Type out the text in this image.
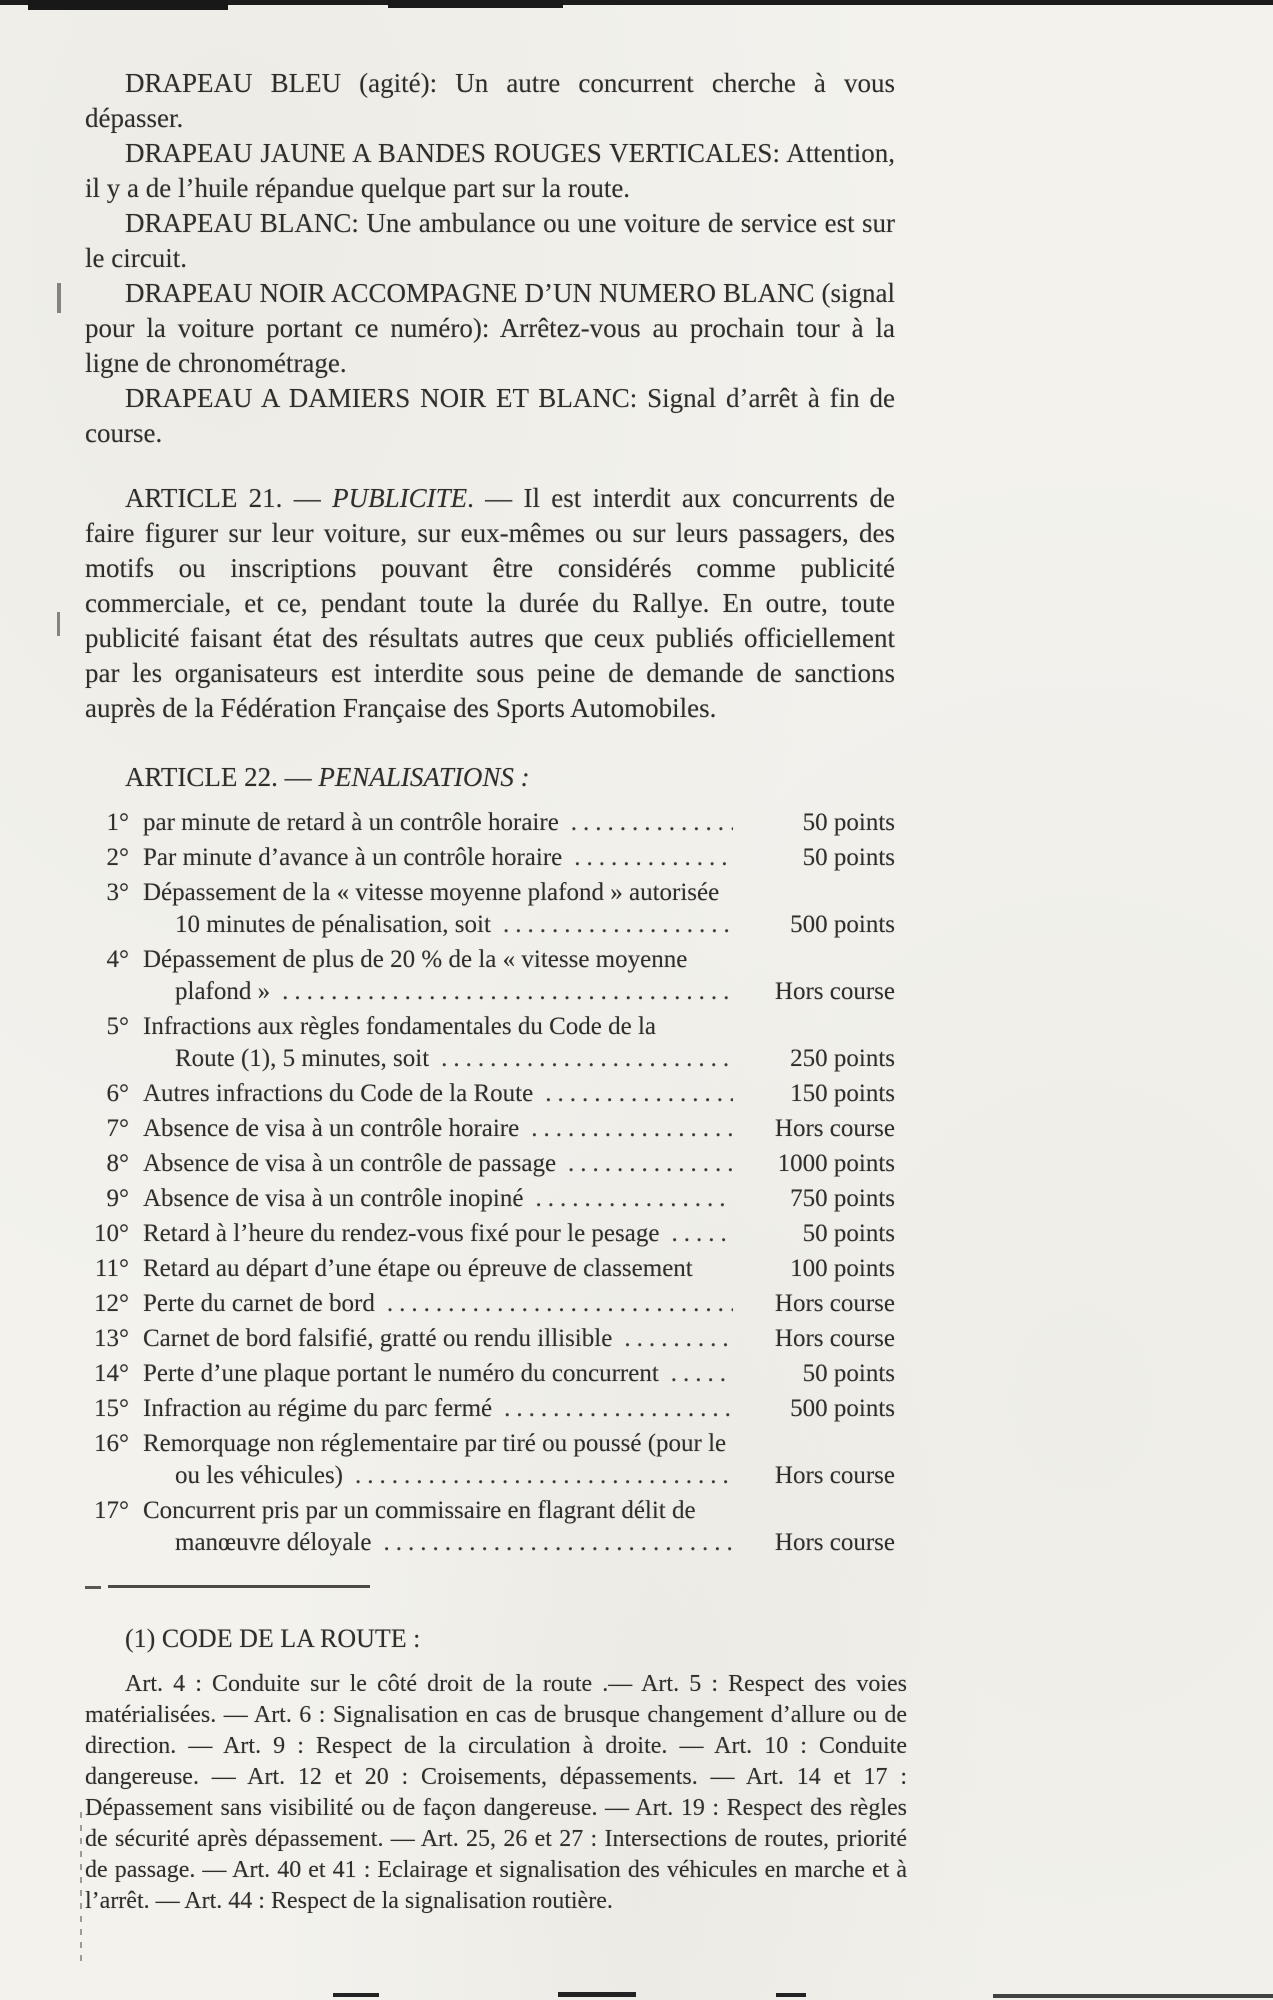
DRAPEAU BLEU (agité): Un autre concurrent cherche à vous dépasser.

DRAPEAU JAUNE A BANDES ROUGES VERTICALES: Attention, il y a de l’huile répandue quelque part sur la route.

DRAPEAU BLANC: Une ambulance ou une voiture de service est sur le circuit.

DRAPEAU NOIR ACCOMPAGNE D’UN NUMERO BLANC (signal pour la voiture portant ce numéro): Arrêtez-vous au prochain tour à la ligne de chronométrage.

DRAPEAU A DAMIERS NOIR ET BLANC: Signal d’arrêt à fin de course.

ARTICLE 21. — PUBLICITE. — Il est interdit aux concurrents de faire figurer sur leur voiture, sur eux-mêmes ou sur leurs passagers, des motifs ou inscriptions pouvant être considérés comme publicité commerciale, et ce, pendant toute la durée du Rallye. En outre, toute publicité faisant état des résultats autres que ceux publiés officiellement par les organisateurs est interdite sous peine de demande de sanctions auprès de la Fédération Française des Sports Automobiles.

ARTICLE 22. — PENALISATIONS :

1° par minute de retard à un contrôle horaire .....	50 points
2° Par minute d’avance à un contrôle horaire .....	50 points
3° Dépassement de la « vitesse moyenne plafond » autorisée
10 minutes de pénalisation, soit .....	500 points
4° Dépassement de plus de 20 % de la « vitesse moyenne
plafond » .....	Hors course
5° Infractions aux règles fondamentales du Code de la
Route (1), 5 minutes, soit .....	250 points
6° Autres infractions du Code de la Route .....	150 points
7° Absence de visa à un contrôle horaire .....	Hors course
8° Absence de visa à un contrôle de passage .....	1000 points
9° Absence de visa à un contrôle inopiné .....	750 points
10° Retard à l’heure du rendez-vous fixé pour le pesage .....	50 points
11° Retard au départ d’une étape ou épreuve de classement	100 points
12° Perte du carnet de bord .....	Hors course
13° Carnet de bord falsifié, gratté ou rendu illisible .....	Hors course
14° Perte d’une plaque portant le numéro du concurrent .....	50 points
15° Infraction au régime du parc fermé .....	500 points
16° Remorquage non réglementaire par tiré ou poussé (pour le
ou les véhicules) .....	Hors course
17° Concurrent pris par un commissaire en flagrant délit de
manœuvre déloyale .....	Hors course

(1) CODE DE LA ROUTE :

Art. 4 : Conduite sur le côté droit de la route .— Art. 5 : Respect des voies matérialisées. — Art. 6 : Signalisation en cas de brusque changement d’allure ou de direction. — Art. 9 : Respect de la circulation à droite. — Art. 10 : Conduite dangereuse. — Art. 12 et 20 : Croisements, dépassements. — Art. 14 et 17 : Dépassement sans visibilité ou de façon dangereuse. — Art. 19 : Respect des règles de sécurité après dépassement. — Art. 25, 26 et 27 : Intersections de routes, priorité de passage. — Art. 40 et 41 : Eclairage et signalisation des véhicules en marche et à l’arrêt. — Art. 44 : Respect de la signalisation routière.
